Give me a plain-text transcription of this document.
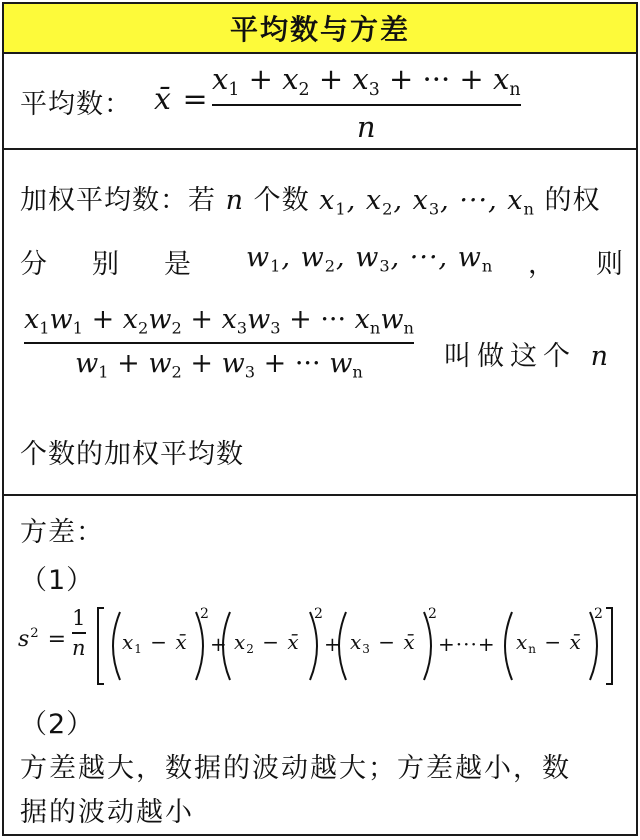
平均数与方差
平均数： x̄ =
$x_1 + x_2 + x_3$ + ··· + $x_n$
n
加权平均数：若 n 个数 $x_1$, $x_2$, $x_3$, ···, $x_n$ 的权
分 别 是 $w_1$, $w_2$, $w_3$, ···, $w_n$ ， 则
$x_1w_1 + x_2w_2 + x_3w_3$ + ··· $x_nw_n$
$w_1 + w_2 + w_3$ + ··· $w_n$	叫做这个 n
个数的加权平均数
方差：
（1）
$s^2$ =
1
n $x_1$ − x̄
2
+ $x_2$ − x̄
2
+ $x_3$ − x̄
2
+···+ $x_n$ − x̄
2
（2）
方差越大，数据的波动越大；方差越小，数
据的波动越小
